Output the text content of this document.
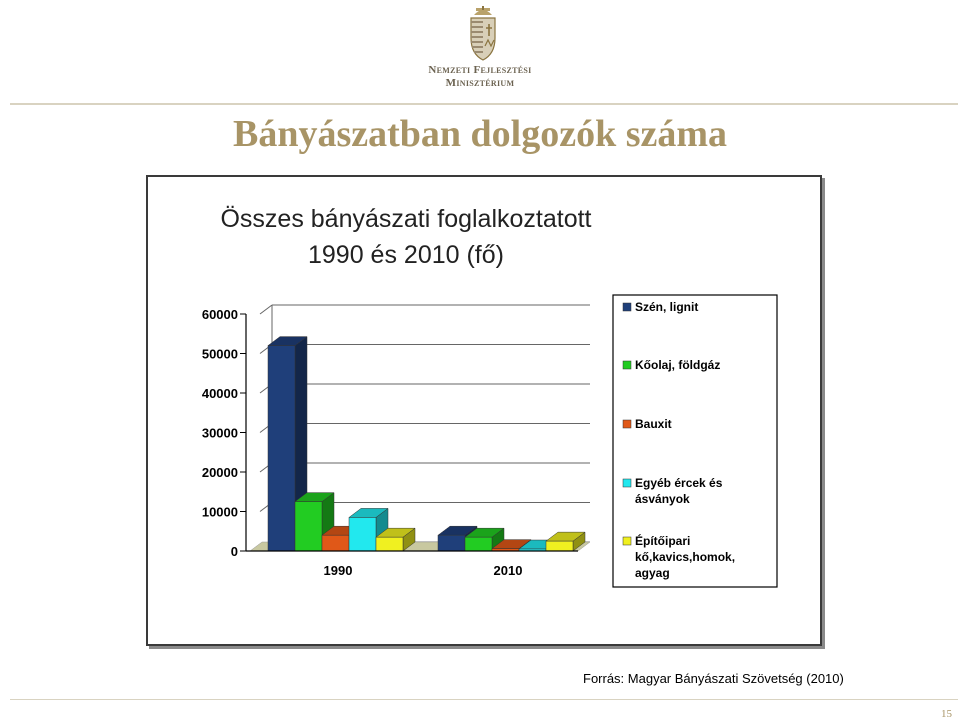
Nemzeti Fejlesztési
Minisztérium
Bányászatban dolgozók száma
Összes bányászati foglalkoztatott
1990 és 2010 (fő)
0
10000
20000
30000
40000
50000
60000
1990	2010
Szén, lignit
Kőolaj, földgáz
Bauxit
Egyéb ércek és ásványok
Építőipari kő,kavics,homok, agyag
Forrás: Magyar Bányászati Szövetség (2010)
15
